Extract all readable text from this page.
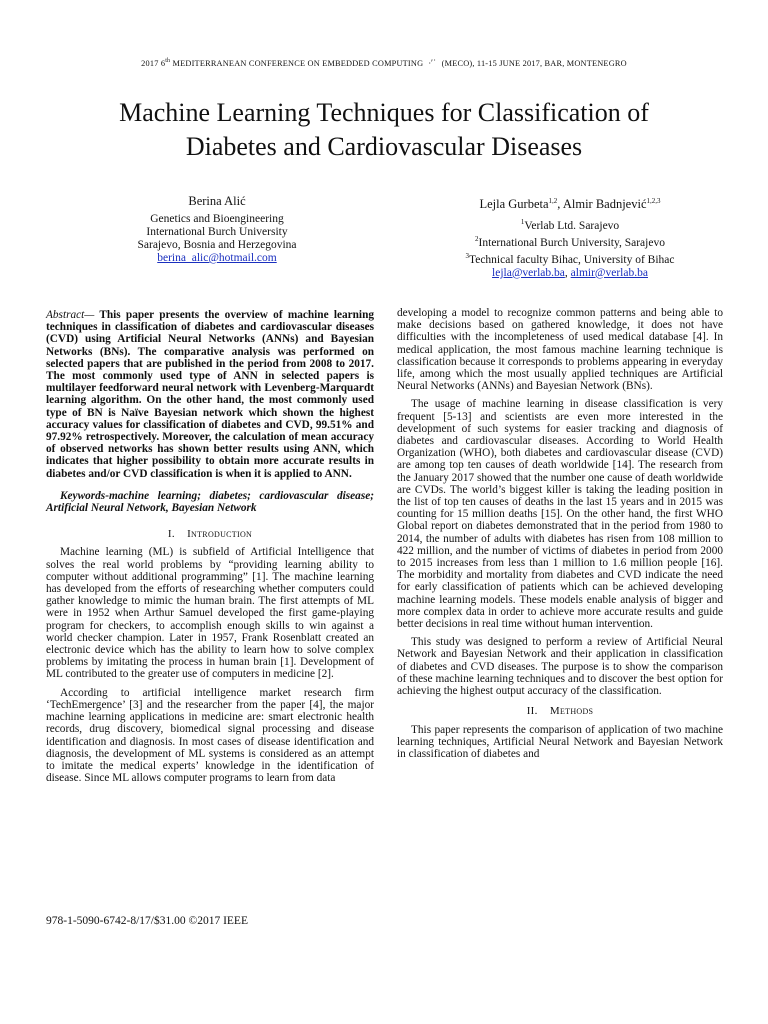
2017 6th MEDITERRANEAN CONFERENCE ON EMBEDDED COMPUTING ∙′˙ (MECO), 11-15 JUNE 2017, BAR, MONTENEGRO
Machine Learning Techniques for Classification of
Diabetes and Cardiovascular Diseases
Berina Alić
Genetics and Bioengineering
International Burch University
Sarajevo, Bosnia and Herzegovina
berina_alic@hotmail.com
Lejla Gurbeta$^{1,2}$, Almir Badnjević$^{1,2,3}$
$^1$Verlab Ltd. Sarajevo
$^2$International Burch University, Sarajevo
$^3$Technical faculty Bihac, University of Bihac
lejla@verlab.ba, almir@verlab.ba

Abstract— This paper presents the overview of machine learning techniques in classification of diabetes and cardiovascular diseases (CVD) using Artificial Neural Networks (ANNs) and Bayesian Networks (BNs). The comparative analysis was performed on selected papers that are published in the period from 2008 to 2017. The most commonly used type of ANN in selected papers is multilayer feedforward neural network with Levenberg-Marquardt learning algorithm. On the other hand, the most commonly used type of BN is Naïve Bayesian network which shown the highest accuracy values for classification of diabetes and CVD, 99.51% and 97.92% retrospectively. Moreover, the calculation of mean accuracy of observed networks has shown better results using ANN, which indicates that higher possibility to obtain more accurate results in diabetes and/or CVD classification is when it is applied to ANN.

Keywords-machine learning; diabetes; cardiovascular disease; Artificial Neural Network, Bayesian Network

I. Introduction

Machine learning (ML) is subfield of Artificial Intelligence that solves the real world problems by “providing learning ability to computer without additional programming” [1]. The machine learning has developed from the efforts of researching whether computers could gather knowledge to mimic the human brain. The first attempts of ML were in 1952 when Arthur Samuel developed the first game-playing program for checkers, to accomplish enough skills to win against a world checker champion. Later in 1957, Frank Rosenblatt created an electronic device which has the ability to learn how to solve complex problems by imitating the process in human brain [1]. Development of ML contributed to the greater use of computers in medicine [2].

According to artificial intelligence market research firm ‘TechEmergence’ [3] and the researcher from the paper [4], the major machine learning applications in medicine are: smart electronic health records, drug discovery, biomedical signal processing and disease identification and diagnosis. In most cases of disease identification and diagnosis, the development of ML systems is considered as an attempt to imitate the medical experts’ knowledge in the identification of disease. Since ML allows computer programs to learn from data

developing a model to recognize common patterns and being able to make decisions based on gathered knowledge, it does not have difficulties with the incompleteness of used medical database [4]. In medical application, the most famous machine learning technique is classification because it corresponds to problems appearing in everyday life, among which the most usually applied techniques are Artificial Neural Networks (ANNs) and Bayesian Network (BNs).

The usage of machine learning in disease classification is very frequent [5-13] and scientists are even more interested in the development of such systems for easier tracking and diagnosis of diabetes and cardiovascular diseases. According to World Health Organization (WHO), both diabetes and cardiovascular disease (CVD) are among top ten causes of death worldwide [14]. The research from the January 2017 showed that the number one cause of death worldwide are CVDs. The world’s biggest killer is taking the leading position in the list of top ten causes of deaths in the last 15 years and in 2015 was counting for 15 million deaths [15]. On the other hand, the first WHO Global report on diabetes demonstrated that in the period from 1980 to 2014, the number of adults with diabetes has risen from 108 million to 422 million, and the number of victims of diabetes in period from 2000 to 2015 increases from less than 1 million to 1.6 million people [16]. The morbidity and mortality from diabetes and CVD indicate the need for early classification of patients which can be achieved developing machine learning models. These models enable analysis of bigger and more complex data in order to achieve more accurate results and guide better decisions in real time without human intervention.

This study was designed to perform a review of Artificial Neural Network and Bayesian Network and their application in classification of diabetes and CVD diseases. The purpose is to show the comparison of these machine learning techniques and to discover the best option for achieving the highest output accuracy of the classification.

II. Methods

This paper represents the comparison of application of two machine learning techniques, Artificial Neural Network and Bayesian Network in classification of diabetes and

978-1-5090-6742-8/17/$31.00 ©2017 IEEE
